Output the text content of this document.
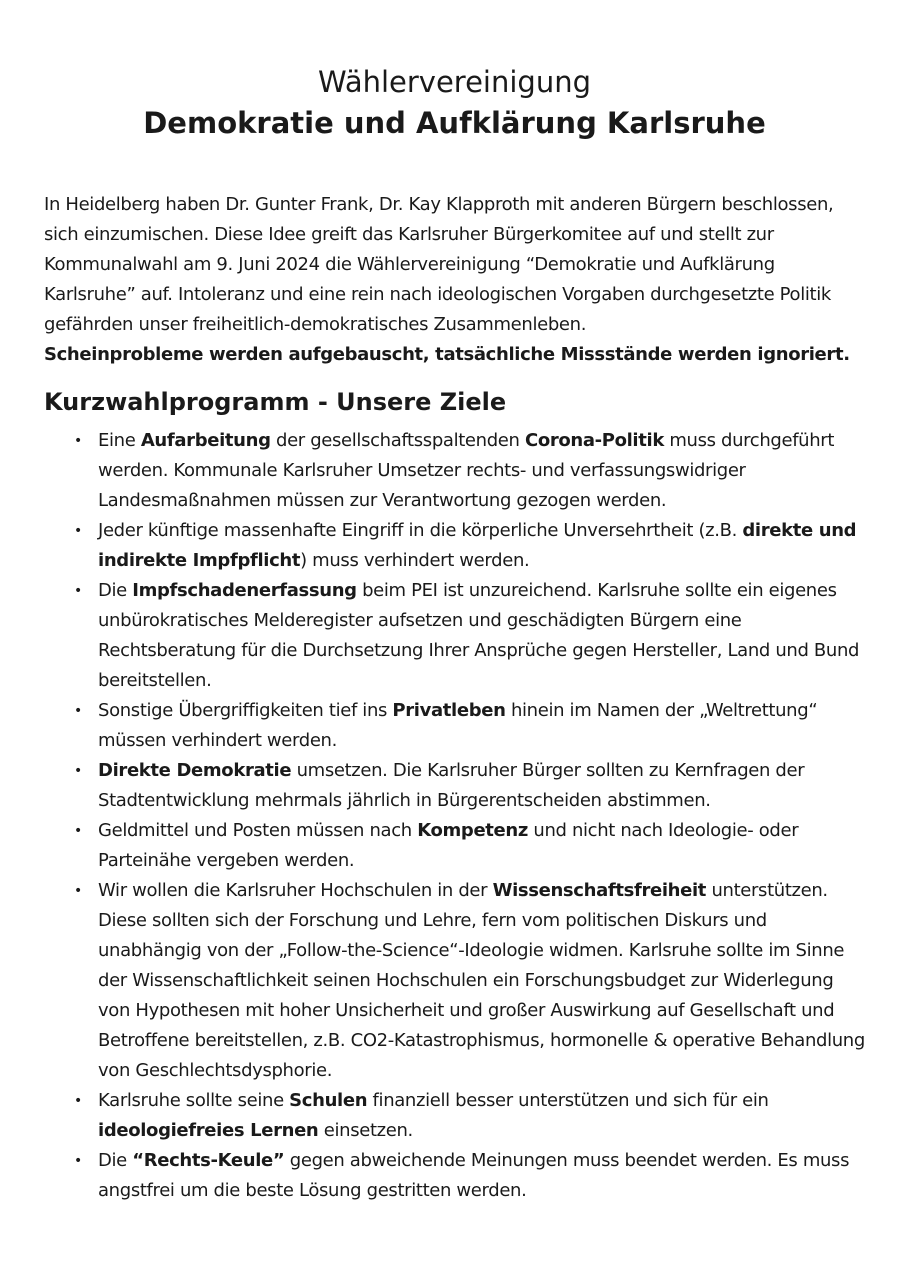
Wählervereinigung
Demokratie und Aufklärung Karlsruhe

In Heidelberg haben Dr. Gunter Frank, Dr. Kay Klapproth mit anderen Bürgern beschlossen, sich einzumischen. Diese Idee greift das Karlsruher Bürgerkomitee auf und stellt zur Kommunalwahl am 9. Juni 2024 die Wählervereinigung “Demokratie und Aufklärung Karlsruhe” auf. Intoleranz und eine rein nach ideologischen Vorgaben durchgesetzte Politik gefährden unser freiheitlich-demokratisches Zusammenleben.
Scheinprobleme werden aufgebauscht, tatsächliche Missstände werden ignoriert.

Kurzwahlprogramm - Unsere Ziele
• Eine Aufarbeitung der gesellschaftsspaltenden Corona-Politik muss durchgeführt werden. Kommunale Karlsruher Umsetzer rechts- und verfassungswidriger Landesmaßnahmen müssen zur Verantwortung gezogen werden.
• Jeder künftige massenhafte Eingriff in die körperliche Unversehrtheit (z.B. direkte und indirekte Impfpflicht) muss verhindert werden.
• Die Impfschadenerfassung beim PEI ist unzureichend. Karlsruhe sollte ein eigenes unbürokratisches Melderegister aufsetzen und geschädigten Bürgern eine Rechtsberatung für die Durchsetzung Ihrer Ansprüche gegen Hersteller, Land und Bund bereitstellen.
• Sonstige Übergriffigkeiten tief ins Privatleben hinein im Namen der „Weltrettung“ müssen verhindert werden.
• Direkte Demokratie umsetzen. Die Karlsruher Bürger sollten zu Kernfragen der Stadtentwicklung mehrmals jährlich in Bürgerentscheiden abstimmen.
• Geldmittel und Posten müssen nach Kompetenz und nicht nach Ideologie- oder Parteinähe vergeben werden.
• Wir wollen die Karlsruher Hochschulen in der Wissenschaftsfreiheit unterstützen. Diese sollten sich der Forschung und Lehre, fern vom politischen Diskurs und unabhängig von der „Follow-the-Science“-Ideologie widmen. Karlsruhe sollte im Sinne der Wissenschaftlichkeit seinen Hochschulen ein Forschungsbudget zur Widerlegung von Hypothesen mit hoher Unsicherheit und großer Auswirkung auf Gesellschaft und Betroffene bereitstellen, z.B. CO2-Katastrophismus, hormonelle & operative Behandlung von Geschlechtsdysphorie.
• Karlsruhe sollte seine Schulen finanziell besser unterstützen und sich für ein ideologiefreies Lernen einsetzen.
• Die “Rechts-Keule” gegen abweichende Meinungen muss beendet werden. Es muss angstfrei um die beste Lösung gestritten werden.
